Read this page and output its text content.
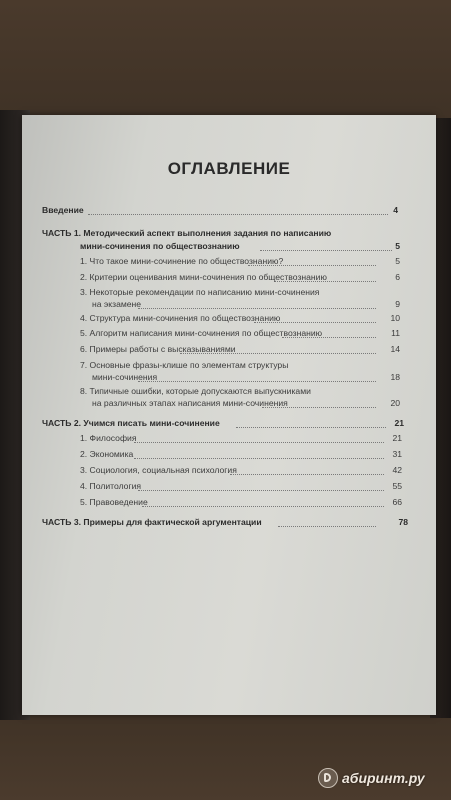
ОГЛАВЛЕНИЕ
Введение	4
ЧАСТЬ 1. Методический аспект выполнения задания по написанию
мини-сочинения по обществознанию	5
1. Что такое мини-сочинение по обществознанию?	5
2. Критерии оценивания мини-сочинения по обществознанию	6
3. Некоторые рекомендации по написанию мини-сочинения
на экзамене	9
4. Структура мини-сочинения по обществознанию	10
5. Алгоритм написания мини-сочинения по обществознанию	11
6. Примеры работы с высказываниями	14
7. Основные фразы-клише по элементам структуры
мини-сочинения	18
8. Типичные ошибки, которые допускаются выпускниками
на различных этапах написания мини-сочинения	20
ЧАСТЬ 2. Учимся писать мини-сочинение	21
1. Философия	21
2. Экономика	31
3. Социология, социальная психология	42
4. Политология	55
5. Правоведение	66
ЧАСТЬ 3. Примеры для фактической аргументации	78
абиринт.ру
